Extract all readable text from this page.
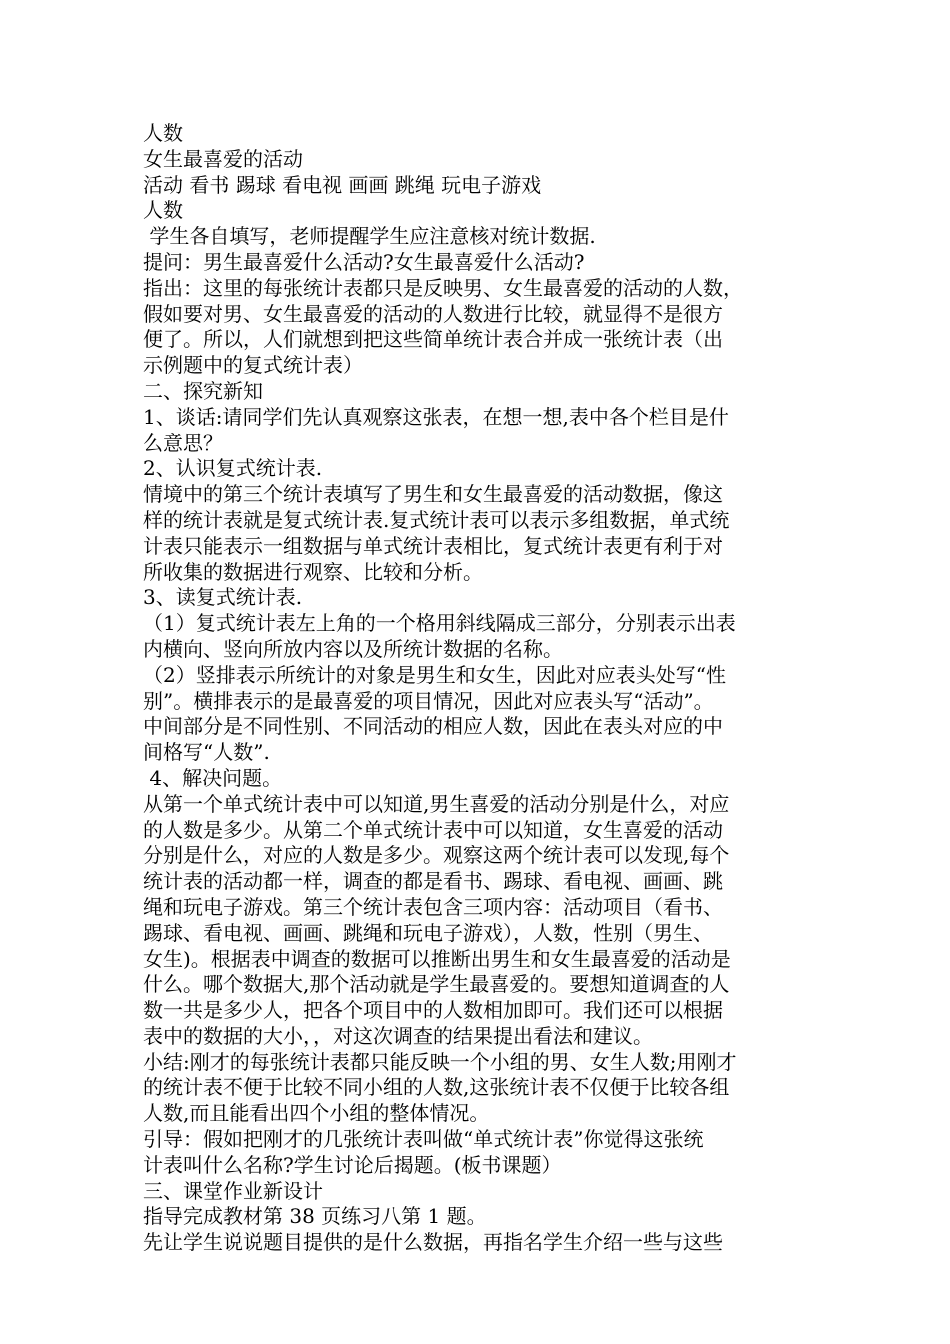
人数

女生最喜爱的活动

活动 看书 踢球 看电视 画画 跳绳 玩电子游戏

人数

学生各自填写，老师提醒学生应注意核对统计数据.

提问：男生最喜爱什么活动?女生最喜爱什么活动?

指出：这里的每张统计表都只是反映男、女生最喜爱的活动的人数，

假如要对男、女生最喜爱的活动的人数进行比较，就显得不是很方

便了。所以，人们就想到把这些简单统计表合并成一张统计表（出

示例题中的复式统计表）

二、探究新知

1、谈话:请同学们先认真观察这张表，在想一想,表中各个栏目是什

么意思？

2、认识复式统计表.

情境中的第三个统计表填写了男生和女生最喜爱的活动数据，像这

样的统计表就是复式统计表.复式统计表可以表示多组数据，单式统

计表只能表示一组数据与单式统计表相比，复式统计表更有利于对

所收集的数据进行观察、比较和分析。

3、读复式统计表.

（1）复式统计表左上角的一个格用斜线隔成三部分，分别表示出表

内横向、竖向所放内容以及所统计数据的名称。

（2）竖排表示所统计的对象是男生和女生，因此对应表头处写“性

别”。横排表示的是最喜爱的项目情况，因此对应表头写“活动”。

中间部分是不同性别、不同活动的相应人数，因此在表头对应的中

间格写“人数”.

4、解决问题。

从第一个单式统计表中可以知道,男生喜爱的活动分别是什么，对应

的人数是多少。从第二个单式统计表中可以知道，女生喜爱的活动

分别是什么，对应的人数是多少。观察这两个统计表可以发现,每个

统计表的活动都一样，调查的都是看书、踢球、看电视、画画、跳

绳和玩电子游戏。第三个统计表包含三项内容：活动项目（看书、

踢球、看电视、画画、跳绳和玩电子游戏），人数，性别（男生、

女生)。根据表中调查的数据可以推断出男生和女生最喜爱的活动是

什么。哪个数据大,那个活动就是学生最喜爱的。要想知道调查的人

数一共是多少人，把各个项目中的人数相加即可。我们还可以根据

表中的数据的大小，，对这次调查的结果提出看法和建议。

小结:刚才的每张统计表都只能反映一个小组的男、女生人数;用刚才

的统计表不便于比较不同小组的人数,这张统计表不仅便于比较各组

人数,而且能看出四个小组的整体情况。

引导：假如把刚才的几张统计表叫做“单式统计表”你觉得这张统

计表叫什么名称?学生讨论后揭题。(板书课题）

三、课堂作业新设计

指导完成教材第 38 页练习八第 1 题。

先让学生说说题目提供的是什么数据，再指名学生介绍一些与这些
